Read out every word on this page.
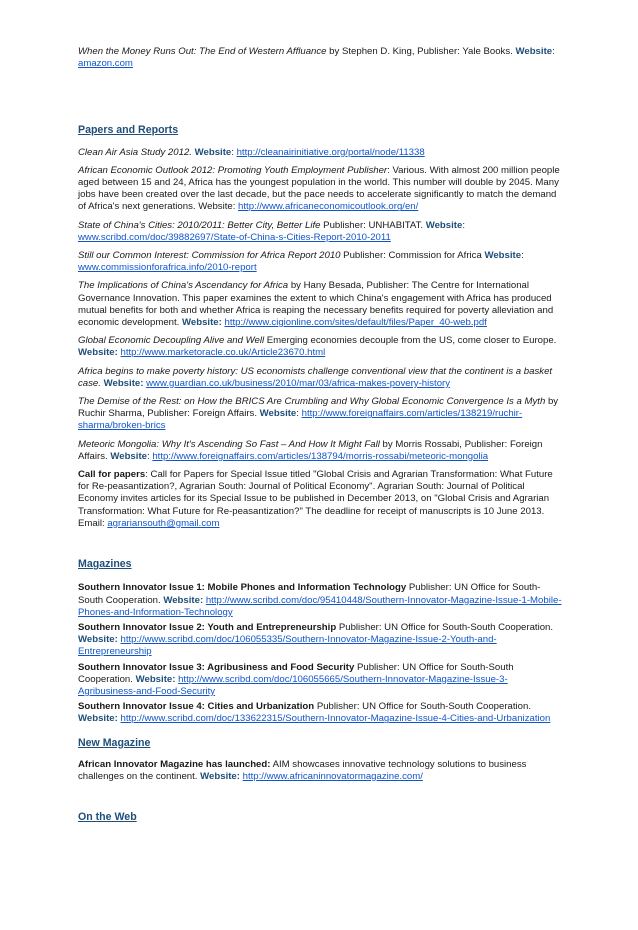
When the Money Runs Out: The End of Western Affluance by Stephen D. King, Publisher: Yale Books. Website:
amazon.com

Papers and Reports

Clean Air Asia Study 2012. Website: http://cleanairinitiative.org/portal/node/11338

African Economic Outlook 2012: Promoting Youth Employment Publisher: Various. With almost 200 million people aged between 15 and 24, Africa has the youngest population in the world. This number will double by 2045. Many jobs have been created over the last decade, but the pace needs to accelerate significantly to match the demand of Africa's next generations. Website: http://www.africaneconomicoutlook.org/en/

State of China's Cities: 2010/2011: Better City, Better Life Publisher: UNHABITAT. Website: www.scribd.com/doc/39882697/State-of-China-s-Cities-Report-2010-2011

Still our Common Interest: Commission for Africa Report 2010 Publisher: Commission for Africa Website: www.commissionforafrica.info/2010-report

The Implications of China's Ascendancy for Africa by Hany Besada, Publisher: The Centre for International Governance Innovation. This paper examines the extent to which China's engagement with Africa has produced mutual benefits for both and whether Africa is reaping the necessary benefits required for poverty alleviation and economic development. Website: http://www.cigionline.com/sites/default/files/Paper_40-web.pdf

Global Economic Decoupling Alive and Well Emerging economies decouple from the US, come closer to Europe. Website: http://www.marketoracle.co.uk/Article23670.html

Africa begins to make poverty history: US economists challenge conventional view that the continent is a basket case. Website: www.guardian.co.uk/business/2010/mar/03/africa-makes-povery-history

The Demise of the Rest: on How the BRICS Are Crumbling and Why Global Economic Convergence Is a Myth by Ruchir Sharma, Publisher: Foreign Affairs. Website: http://www.foreignaffairs.com/articles/138219/ruchir-sharma/broken-brics

Meteoric Mongolia: Why It's Ascending So Fast – And How It Might Fall by Morris Rossabi, Publisher: Foreign Affairs. Website: http://www.foreignaffairs.com/articles/138794/morris-rossabi/meteoric-mongolia

Call for papers: Call for Papers for Special Issue titled "Global Crisis and Agrarian Transformation: What Future for Re-peasantization?, Agrarian South: Journal of Political Economy". Agrarian South: Journal of Political Economy invites articles for its Special Issue to be published in December 2013, on "Global Crisis and Agrarian Transformation: What Future for Re-peasantization?" The deadline for receipt of manuscripts is 10 June 2013. Email: agrariansouth@gmail.com

Magazines

Southern Innovator Issue 1: Mobile Phones and Information Technology Publisher: UN Office for South-South Cooperation. Website: http://www.scribd.com/doc/95410448/Southern-Innovator-Magazine-Issue-1-Mobile-Phones-and-Information-Technology

Southern Innovator Issue 2: Youth and Entrepreneurship Publisher: UN Office for South-South Cooperation. Website: http://www.scribd.com/doc/106055335/Southern-Innovator-Magazine-Issue-2-Youth-and-Entrepreneurship

Southern Innovator Issue 3: Agribusiness and Food Security Publisher: UN Office for South-South Cooperation. Website: http://www.scribd.com/doc/106055665/Southern-Innovator-Magazine-Issue-3-Agribusiness-and-Food-Security

Southern Innovator Issue 4: Cities and Urbanization Publisher: UN Office for South-South Cooperation. Website: http://www.scribd.com/doc/133622315/Southern-Innovator-Magazine-Issue-4-Cities-and-Urbanization

New Magazine

African Innovator Magazine has launched: AIM showcases innovative technology solutions to business challenges on the continent. Website: http://www.africaninnovatormagazine.com/

On the Web
